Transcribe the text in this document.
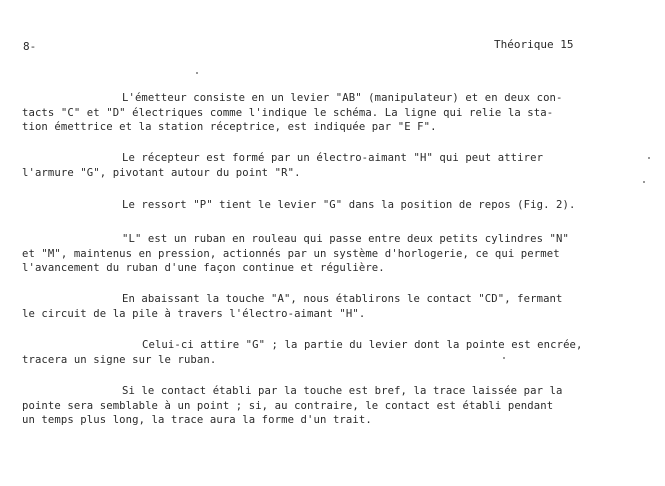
8-	Théorique 15
L'émetteur consiste en un levier "AB" (manipulateur) et en deux con-
tacts "C" et "D" électriques comme l'indique le schéma. La ligne qui relie la sta-
tion émettrice et la station réceptrice, est indiquée par "E F".
Le récepteur est formé par un électro-aimant "H" qui peut attirer
l'armure "G", pivotant autour du point "R".
Le ressort "P" tient le levier "G" dans la position de repos (Fig. 2).
"L" est un ruban en rouleau qui passe entre deux petits cylindres "N"
et "M", maintenus en pression, actionnés par un système d'horlogerie, ce qui permet
l'avancement du ruban d'une façon continue et régulière.
En abaissant la touche "A", nous établirons le contact "CD", fermant
le circuit de la pile à travers l'électro-aimant "H".
Celui-ci attire "G" ; la partie du levier dont la pointe est encrée,
tracera un signe sur le ruban.
Si le contact établi par la touche est bref, la trace laissée par la
pointe sera semblable à un point ; si, au contraire, le contact est établi pendant
un temps plus long, la trace aura la forme d'un trait.
